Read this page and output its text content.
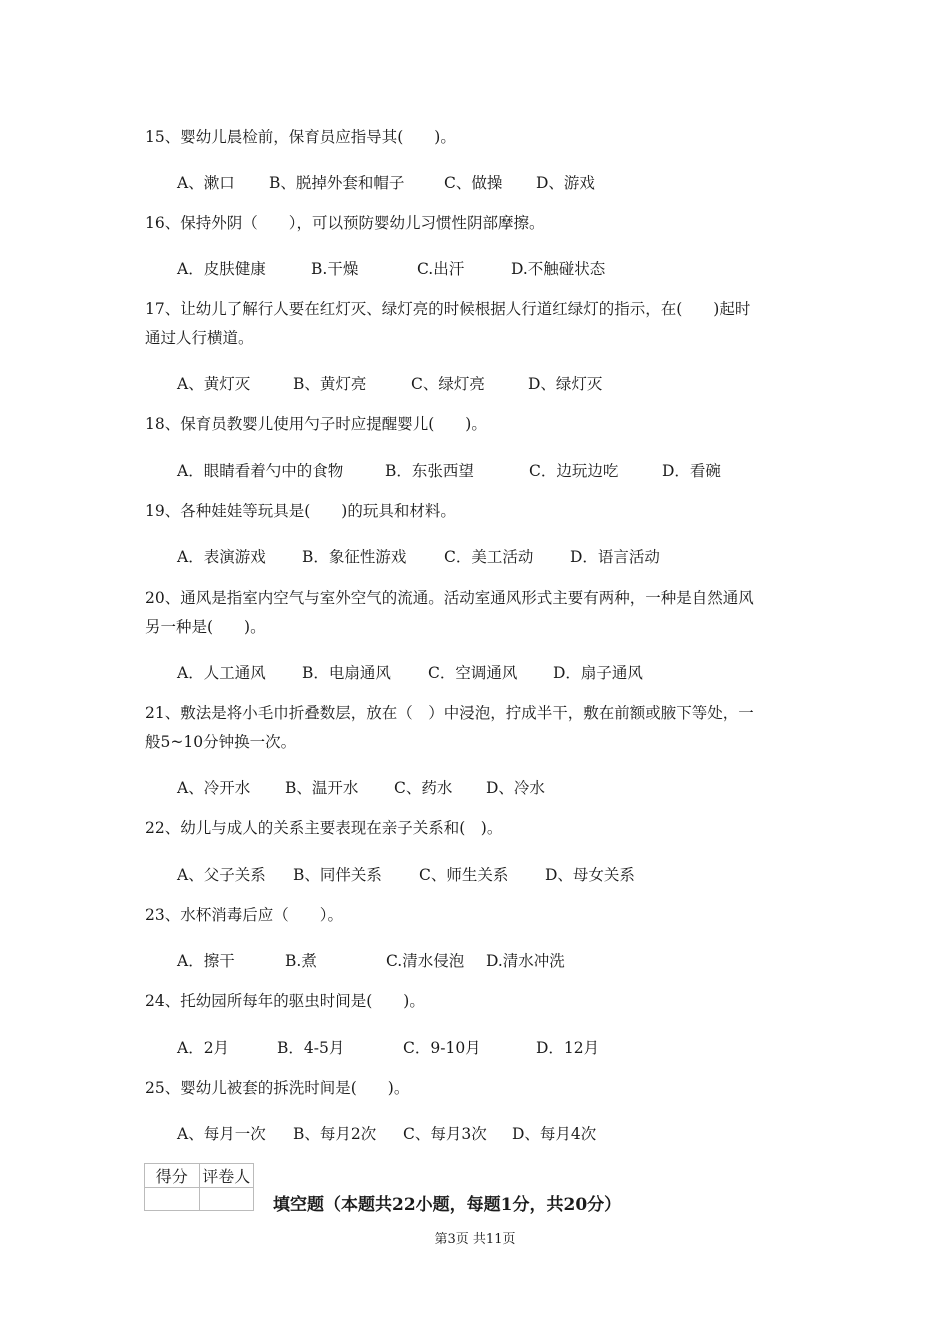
15、婴幼儿晨检前，保育员应指导其(　　)。

A、漱口

B、脱掉外套和帽子

	C、做操

D、游戏

16、保持外阴（　　），可以预防婴幼儿习惯性阴部摩擦。

A．皮肤健康

	B.干燥

	C.出汗

	D.不触碰状态

17、让幼儿了解行人要在红灯灭、绿灯亮的时候根据人行道红绿灯的指示，在(　　)起时

通过人行横道。

A、黄灯灭

	B、黄灯亮

	C、绿灯亮

	D、绿灯灭

18、保育员教婴儿使用勺子时应提醒婴儿(　　)。

A．眼睛看着勺中的食物

	B．东张西望

	C．边玩边吃

	D．看碗

19、各种娃娃等玩具是(　　)的玩具和材料。

A．表演游戏

B．象征性游戏

C．美工活动

D．语言活动

20、通风是指室内空气与室外空气的流通。活动室通风形式主要有两种，一种是自然通风

另一种是(　　)。

A．人工通风

B．电扇通风

C．空调通风

D．扇子通风

21、敷法是将小毛巾折叠数层，放在（　）中浸泡，拧成半干，敷在前额或腋下等处，一

般5~10分钟换一次。

A、冷开水

B、温开水

C、药水

D、冷水

22、幼儿与成人的关系主要表现在亲子关系和(　)。

A、父子关系

B、同伴关系

C、师生关系

D、母女关系

23、水杯消毒后应（　　）。

A．擦干

	B.煮

	C.清水侵泡

D.清水冲洗

24、托幼园所每年的驱虫时间是(　　)。

A．2月

	B．4-5月

	C．9-10月

	D．12月

25、婴幼儿被套的拆洗时间是(　　)。

A、每月一次

B、每月2次

C、每月3次

D、每月4次

得分	评卷人

填空题（本题共22小题，每题1分，共20分）

第3页 共11页
